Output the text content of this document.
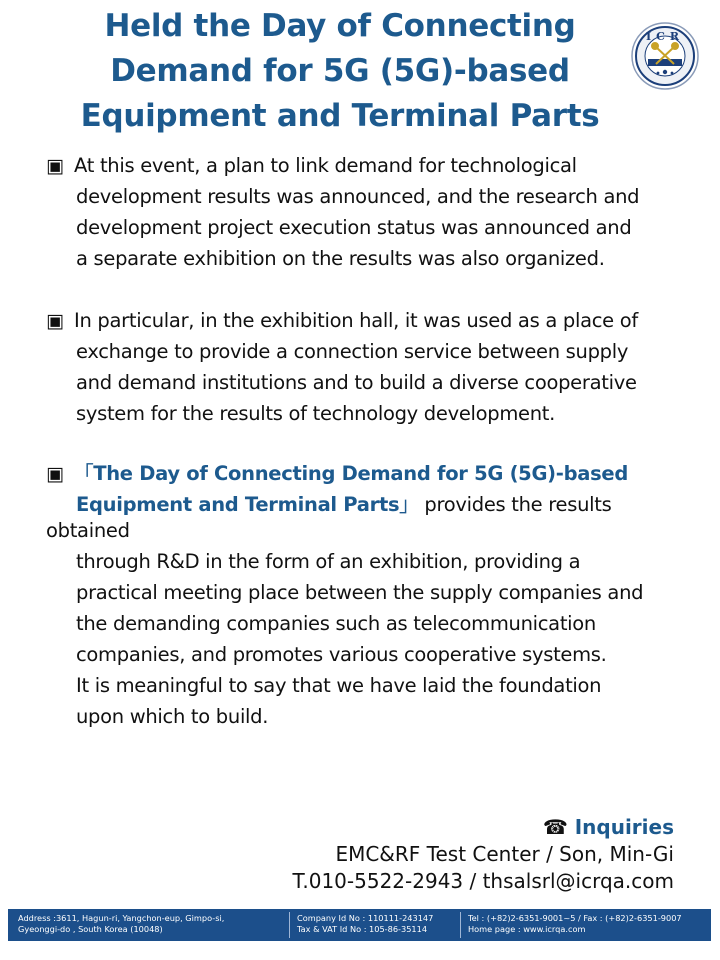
Held the Day of Connecting
Demand for 5G (5G)-based
Equipment and Terminal Parts
ICR
▣ At this event, a plan to link demand for technological
development results was announced, and the research and
development project execution status was announced and
a separate exhibition on the results was also organized.
▣ In particular, in the exhibition hall, it was used as a place of
exchange to provide a connection service between supply
and demand institutions and to build a diverse cooperative
system for the results of technology development.
▣ 「The Day of Connecting Demand for 5G (5G)-based
Equipment and Terminal Parts」 provides the results
obtained
through R&D in the form of an exhibition, providing a
practical meeting place between the supply companies and
the demanding companies such as telecommunication
companies, and promotes various cooperative systems.
It is meaningful to say that we have laid the foundation
upon which to build.
☎ Inquiries
EMC&RF Test Center / Son, Min-Gi
T.010-5522-2943 / thsalsrl@icrqa.com
Address :3611, Hagun-ri, Yangchon-eup, Gimpo-si,
Gyeonggi-do , South Korea (10048)
Company Id No : 110111-243147
Tax & VAT Id No : 105-86-35114
Tel : (+82)2-6351-9001~5 / Fax : (+82)2-6351-9007
Home page : www.icrqa.com
